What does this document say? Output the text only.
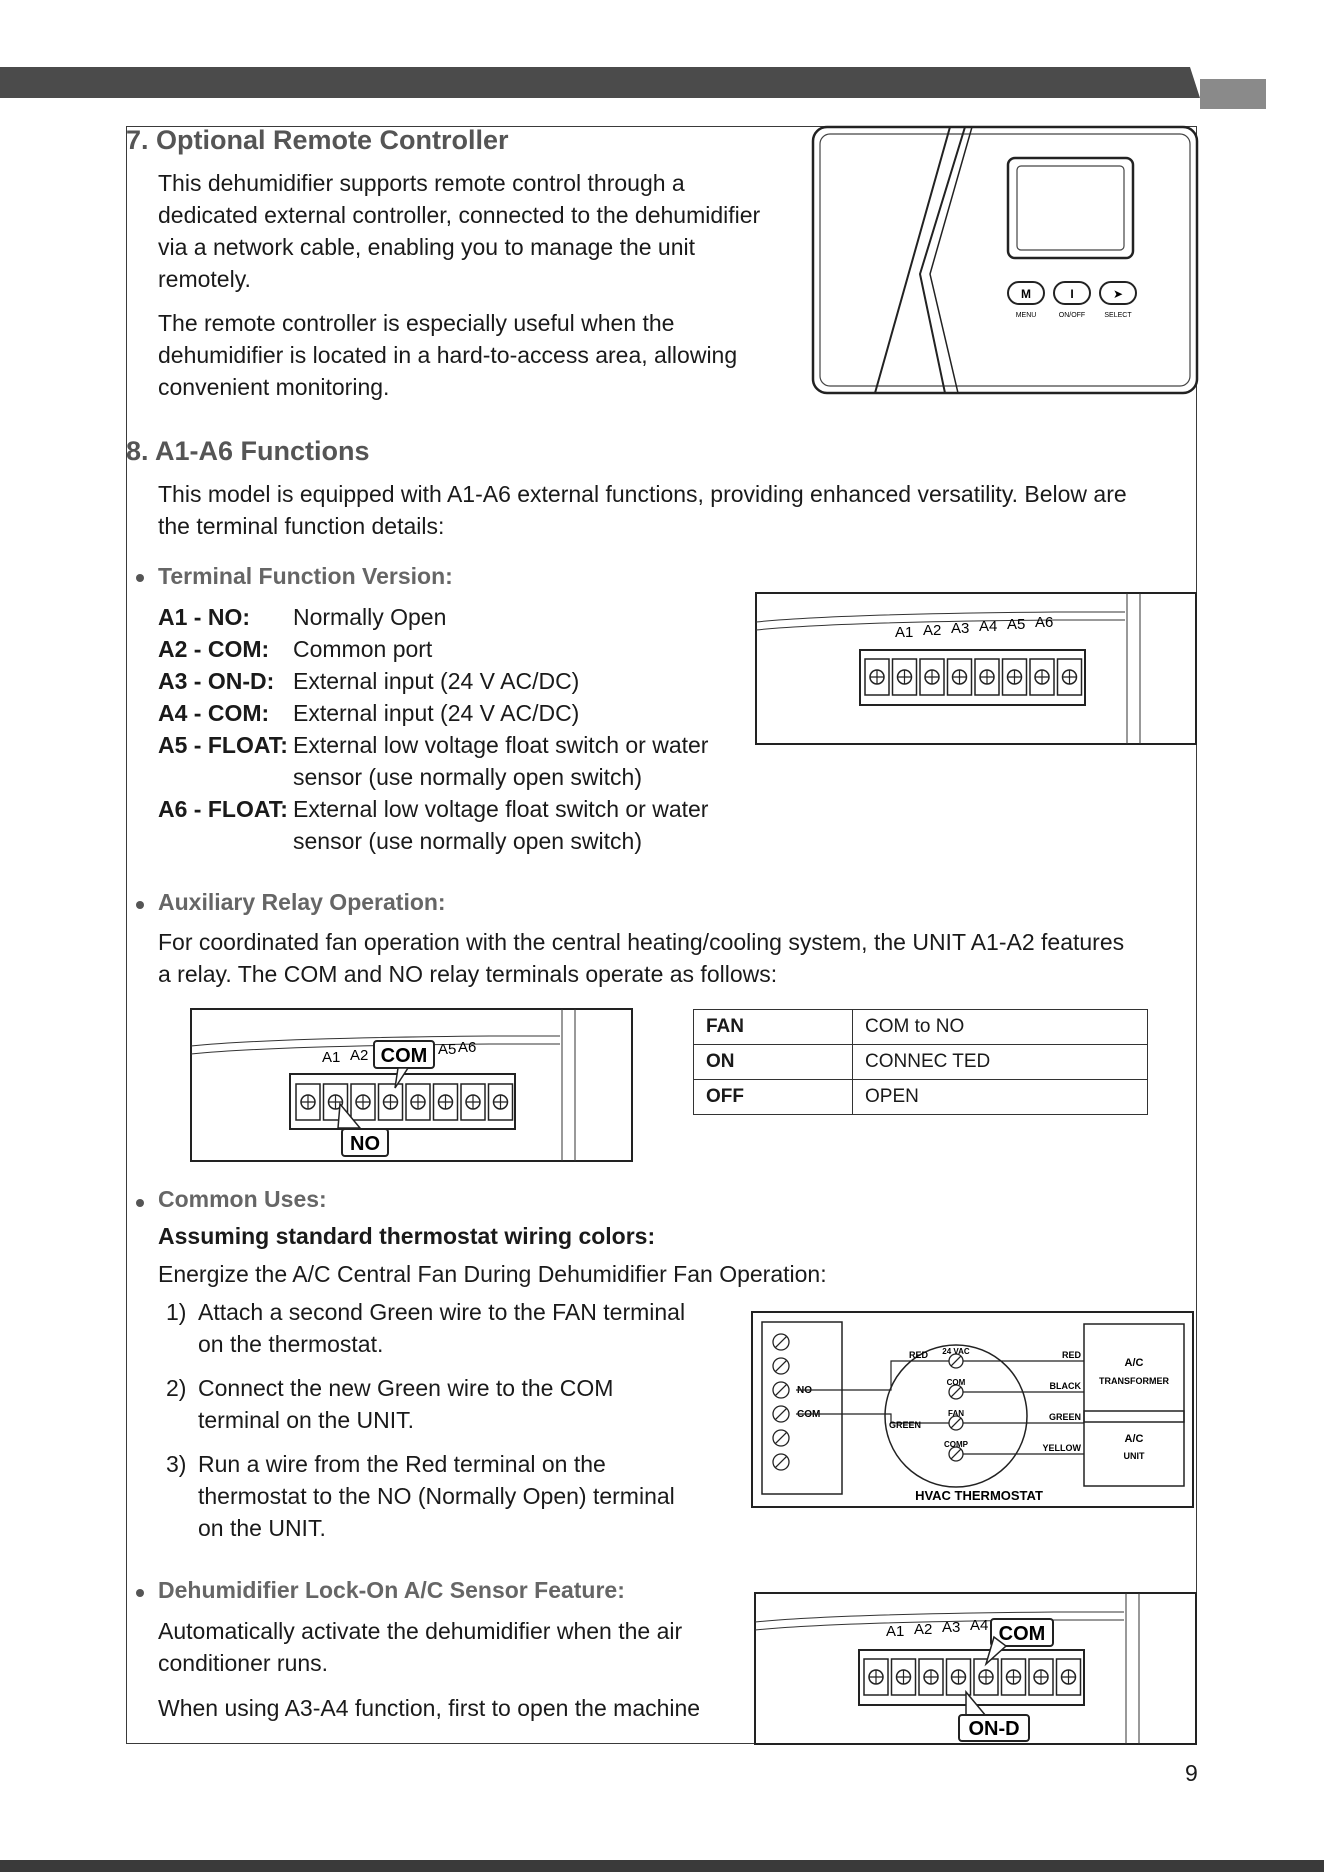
7. Optional Remote Controller
This dehumidifier supports remote control through a
dedicated external controller, connected to the dehumidifier
via a network cable, enabling you to manage the unit
remotely.
The remote controller is especially useful when the
dehumidifier is located in a hard-to-access area, allowing
convenient monitoring.
M	I	➤
MENU	ON/OFF	SELECT
8. A1-A6 Functions
This model is equipped with A1-A6 external functions, providing enhanced versatility. Below are
the terminal function details:
Terminal Function Version:
A1 - NO:	Normally Open
A2 - COM:	Common port
A3 - ON-D: External input (24 V AC/DC)
A4 - COM:	External input (24 V AC/DC)
A5 - FLOAT: External low voltage float switch or water
sensor (use normally open switch)
A6 - FLOAT: External low voltage float switch or water
sensor (use normally open switch)
A1 A2 A3 A4 A5 A6
Auxiliary Relay Operation:
For coordinated fan operation with the central heating/cooling system, the UNIT A1-A2 features
a relay. The COM and NO relay terminals operate as follows:
A1 A2	A5 A6
COM
NO
FAN	COM to NO
ON	CONNEC TED
OFF	OPEN
Common Uses:
Assuming standard thermostat wiring colors:
Energize the A/C Central Fan During Dehumidifier Fan Operation:
1) Attach a second Green wire to the FAN terminal
on the thermostat.
2) Connect the new Green wire to the COM
terminal on the UNIT.
3) Run a wire from the Red terminal on the
thermostat to the NO (Normally Open) terminal
on the UNIT.
NO
COM
24 VAC
COM
FAN
COMP
RED
GREEN
RED
BLACK
GREEN
YELLOW
A/C
TRANSFORMER
A/C
UNIT
HVAC THERMOSTAT
Dehumidifier Lock-On A/C Sensor Feature:
Automatically activate the dehumidifier when the air
conditioner runs.
When using A3-A4 function, first to open the machine
A1 A2 A3 A4 COM
ON-D
9
